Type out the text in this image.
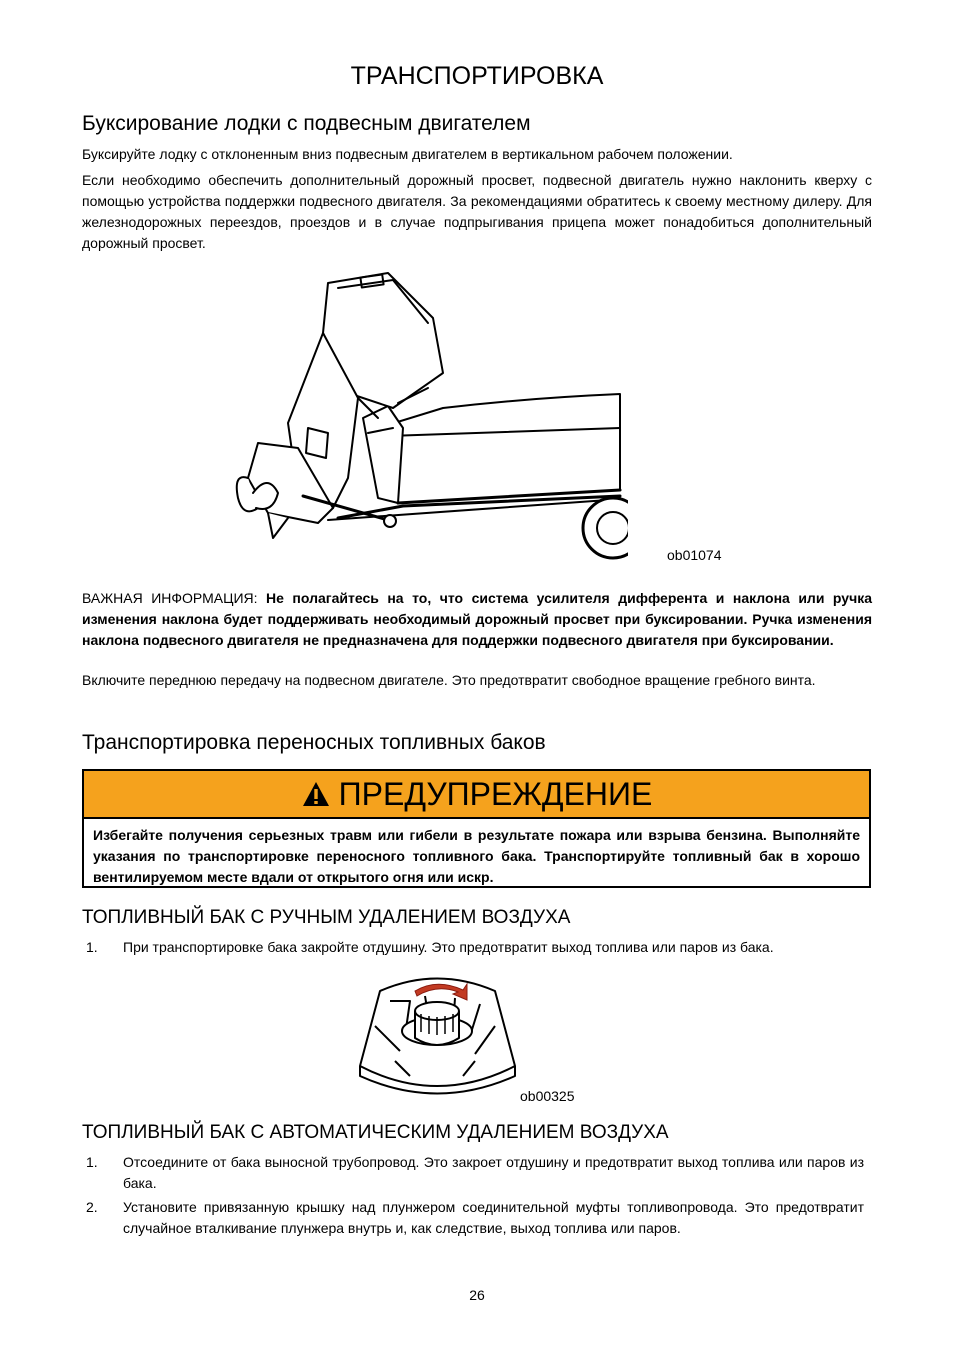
ТРАНСПОРТИРОВКА
Буксирование лодки с подвесным двигателем
Буксируйте лодку с отклоненным вниз подвесным двигателем в вертикальном рабочем положении.
Если необходимо обеспечить дополнительный дорожный просвет, подвесной двигатель нужно наклонить кверху с помощью устройства поддержки подвесного двигателя. За рекомендациями обратитесь к своему местному дилеру. Для железнодорожных переездов, проездов и в случае подпрыгивания прицепа может понадобиться дополнительный дорожный просвет.
ob01074
ВАЖНАЯ ИНФОРМАЦИЯ: Не полагайтесь на то, что система усилителя дифферента и наклона или ручка изменения наклона будет поддерживать необходимый дорожный просвет при буксировании. Ручка изменения наклона подвесного двигателя не предназначена для поддержки подвесного двигателя при буксировании.
Включите переднюю передачу на подвесном двигателе. Это предотвратит свободное вращение гребного винта.
Транспортировка переносных топливных баков
ПРЕДУПРЕЖДЕНИЕ
Избегайте получения серьезных травм или гибели в результате пожара или взрыва бензина. Выполняйте указания по транспортировке переносного топливного бака. Транспортируйте топливный бак в хорошо вентилируемом месте вдали от открытого огня или искр.
ТОПЛИВНЫЙ БАК С РУЧНЫМ УДАЛЕНИЕМ ВОЗДУХА
1. При транспортировке бака закройте отдушину. Это предотвратит выход топлива или паров из бака.
ob00325
ТОПЛИВНЫЙ БАК С АВТОМАТИЧЕСКИМ УДАЛЕНИЕМ ВОЗДУХА
1. Отсоедините от бака выносной трубопровод. Это закроет отдушину и предотвратит выход топлива или паров из бака.
2. Установите привязанную крышку над плунжером соединительной муфты топливопровода. Это предотвратит случайное вталкивание плунжера внутрь и, как следствие, выход топлива или паров.
26
